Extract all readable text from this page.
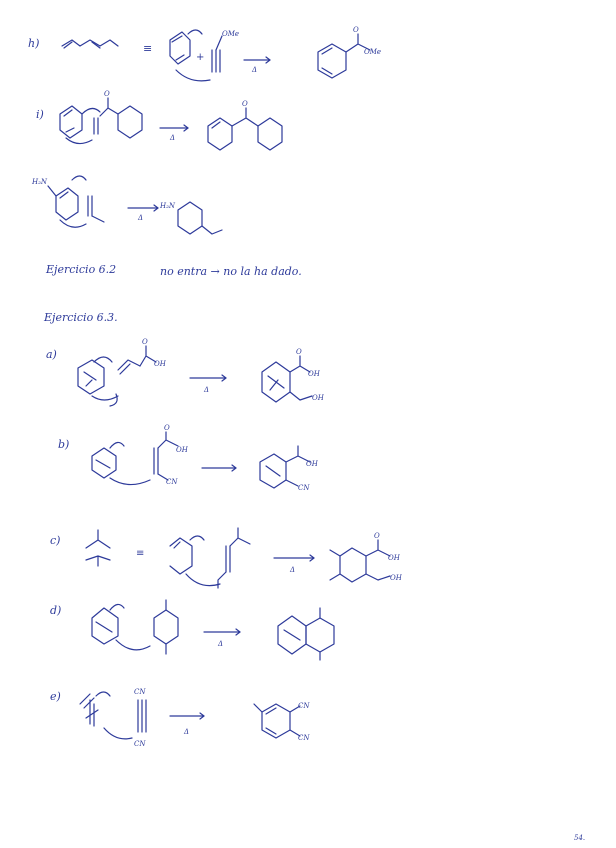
h)	≡
+
OMe
Δ
O
OMe
i)
O
Δ
O
H₂N
Δ
H₂N
Ejercicio 6.2	no entra → no la ha dado.
Ejercicio 6.3.
a)
O
OH
Δ
O
OH
OH
b)
O
OH
CN
OH
CN
c)
≡
Δ
O
OH
OH
d)
Δ
e)	CN
CN
Δ
CN
CN
54.
